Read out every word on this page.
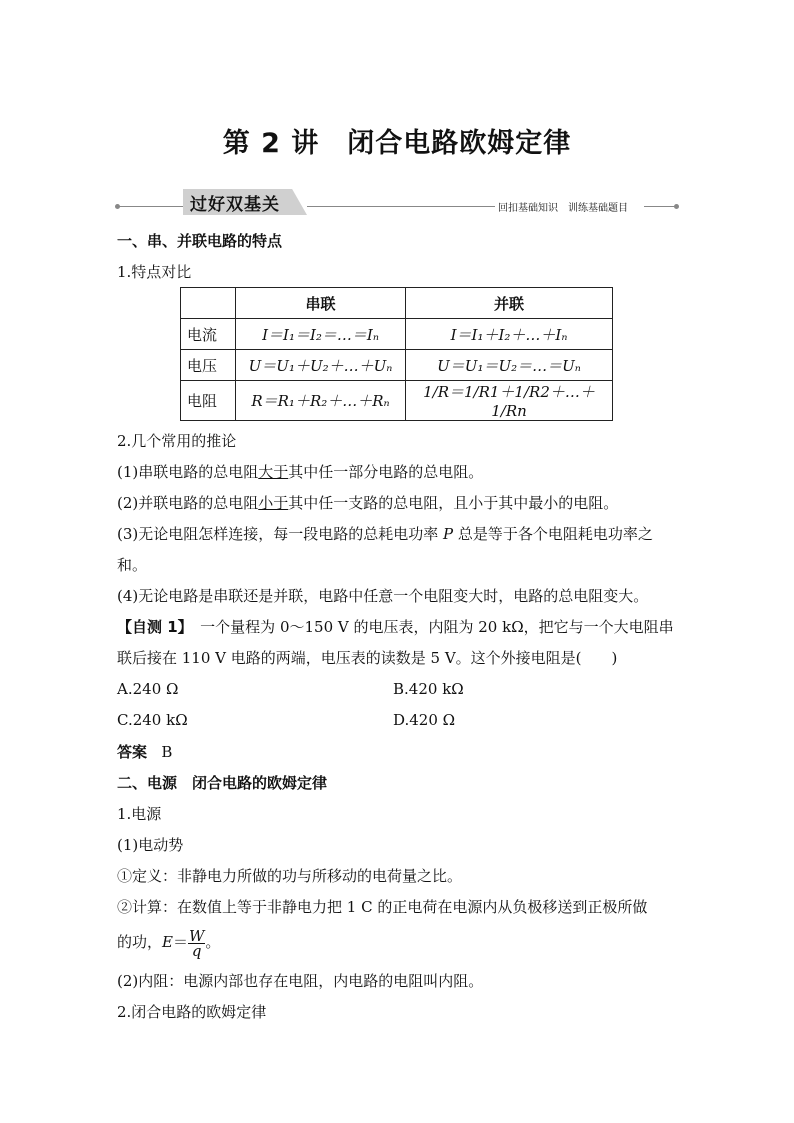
第 2 讲　闭合电路欧姆定律
过好双基关	回扣基础知识　训练基础题目
一、串、并联电路的特点
1.特点对比
	串联	并联
电流	I＝I₁＝I₂＝…＝Iₙ	I＝I₁＋I₂＋…＋Iₙ
电压	U＝U₁＋U₂＋…＋Uₙ	U＝U₁＝U₂＝…＝Uₙ
电阻	R＝R₁＋R₂＋…＋Rₙ	1/R＝1/R1＋1/R2＋…＋1/Rn
2.几个常用的推论
(1)串联电路的总电阻大于其中任一部分电路的总电阻。
(2)并联电路的总电阻小于其中任一支路的总电阻，且小于其中最小的电阻。
(3)无论电阻怎样连接，每一段电路的总耗电功率 P 总是等于各个电阻耗电功率之
和。
(4)无论电路是串联还是并联，电路中任意一个电阻变大时，电路的总电阻变大。
【自测 1】　一个量程为 0～150 V 的电压表，内阻为 20 kΩ，把它与一个大电阻串
联后接在 110 V 电路的两端，电压表的读数是 5 V。这个外接电阻是(　　)
A.240 Ω	B.420 kΩ
C.240 kΩ	D.420 Ω
答案 B
二、电源　闭合电路的欧姆定律
1.电源
(1)电动势
①定义：非静电力所做的功与所移动的电荷量之比。
②计算：在数值上等于非静电力把 1 C 的正电荷在电源内从负极移送到正极所做
的功，$E= \frac{W}{q}$ 。
(2)内阻：电源内部也存在电阻，内电路的电阻叫内阻。
2.闭合电路的欧姆定律
